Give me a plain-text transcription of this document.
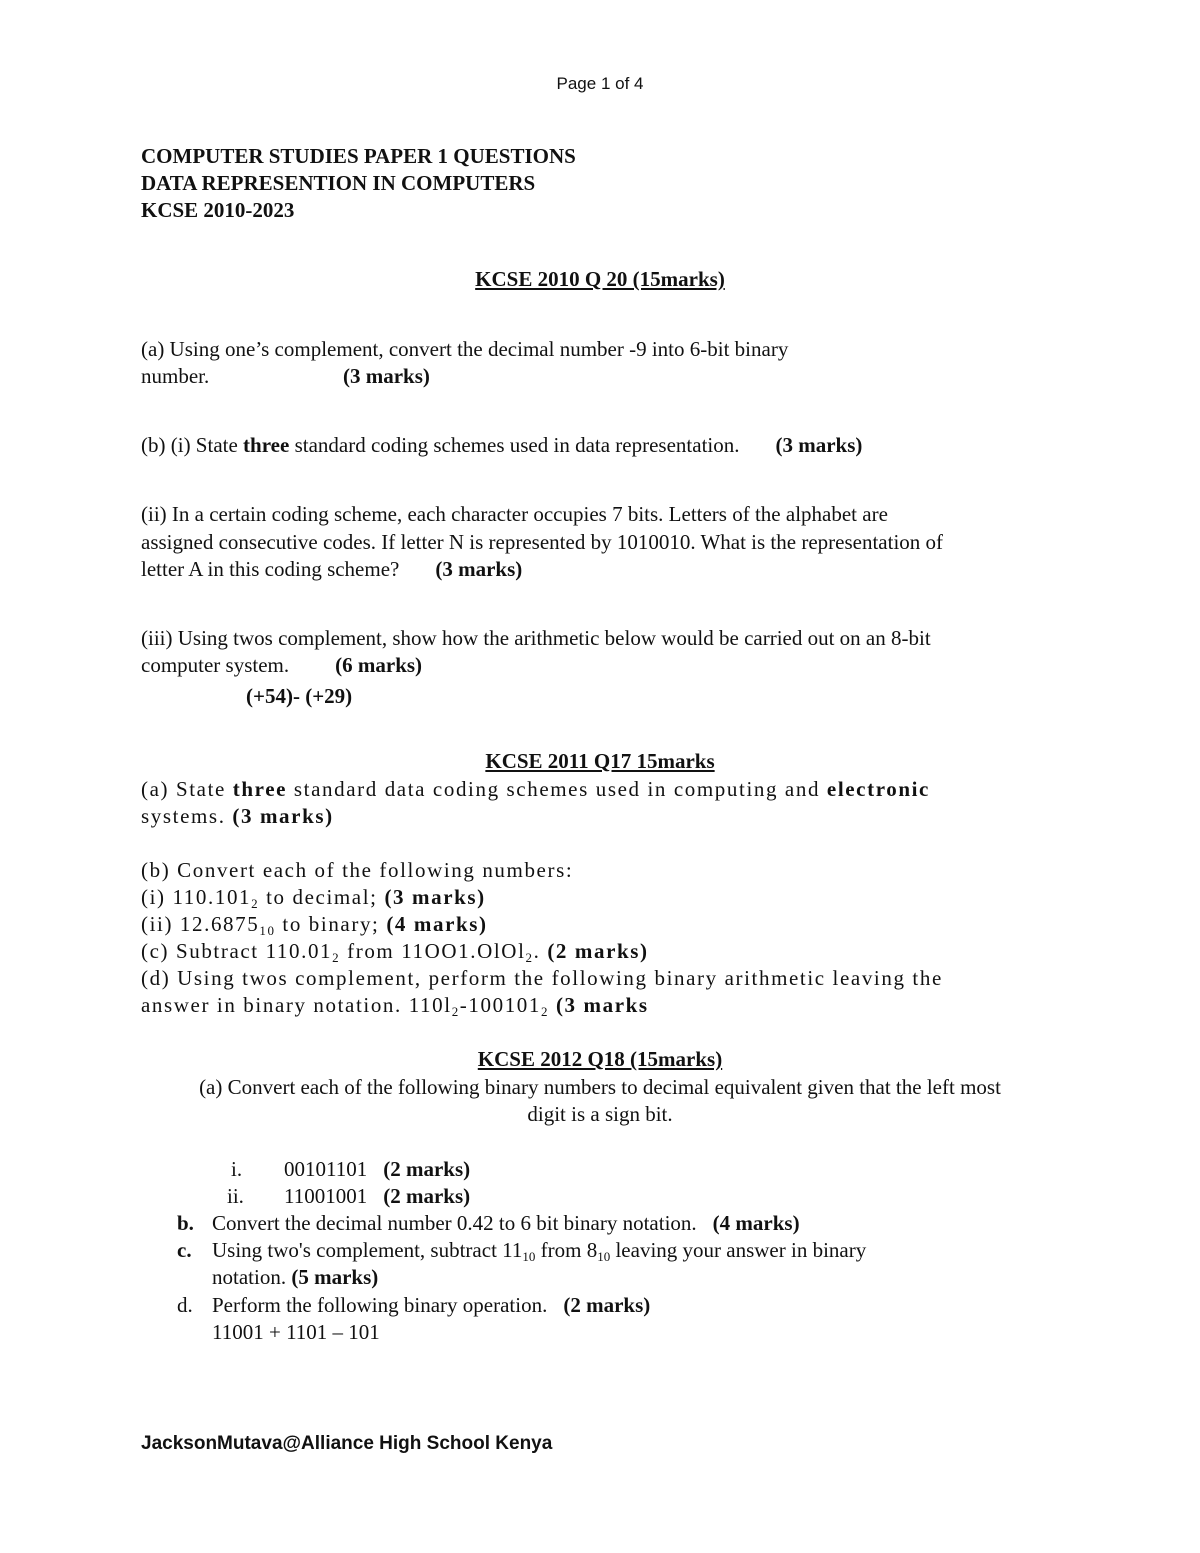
Page 1 of 4
COMPUTER STUDIES PAPER 1 QUESTIONS
DATA REPRESENTION IN COMPUTERS
KCSE 2010-2023
KCSE 2010 Q 20 (15marks)
(a) Using one’s complement, convert the decimal number -9 into 6-bit binary
number.	(3 marks)
(b) (i) State three standard coding schemes used in data representation. (3 marks)
(ii) In a certain coding scheme, each character occupies 7 bits. Letters of the alphabet are
assigned consecutive codes. If letter N is represented by 1010010. What is the representation of
letter A in this coding scheme? (3 marks)
(iii) Using twos complement, show how the arithmetic below would be carried out on an 8-bit
computer system. (6 marks)
(+54)- (+29)
KCSE 2011 Q17 15marks
(a) State three standard data coding schemes used in computing and electronic
systems. (3 marks)
(b) Convert each of the following numbers:
(i) $110.101_2$ to decimal; (3 marks)
(ii) $12.6875_{10}$ to binary; (4 marks)
(c) Subtract $110.01_2$ from 11OO1.OlOl$_2$. (2 marks)
(d) Using twos complement, perform the following binary arithmetic leaving the
answer in binary notation. $110l_2-100101_2$ (3 marks
KCSE 2012 Q18 (15marks)
(a) Convert each of the following binary numbers to decimal equivalent given that the left most
digit is a sign bit.
i. 00101101 (2 marks)
ii. 11001001 (2 marks)
b. Convert the decimal number 0.42 to 6 bit binary notation. (4 marks)
c. Using two's complement, subtract $11_{10}$ from $8_{10}$ leaving your answer in binary
notation. (5 marks)
d. Perform the following binary operation. (2 marks)
11001 + 1101 – 101
JacksonMutava@Alliance High School Kenya
